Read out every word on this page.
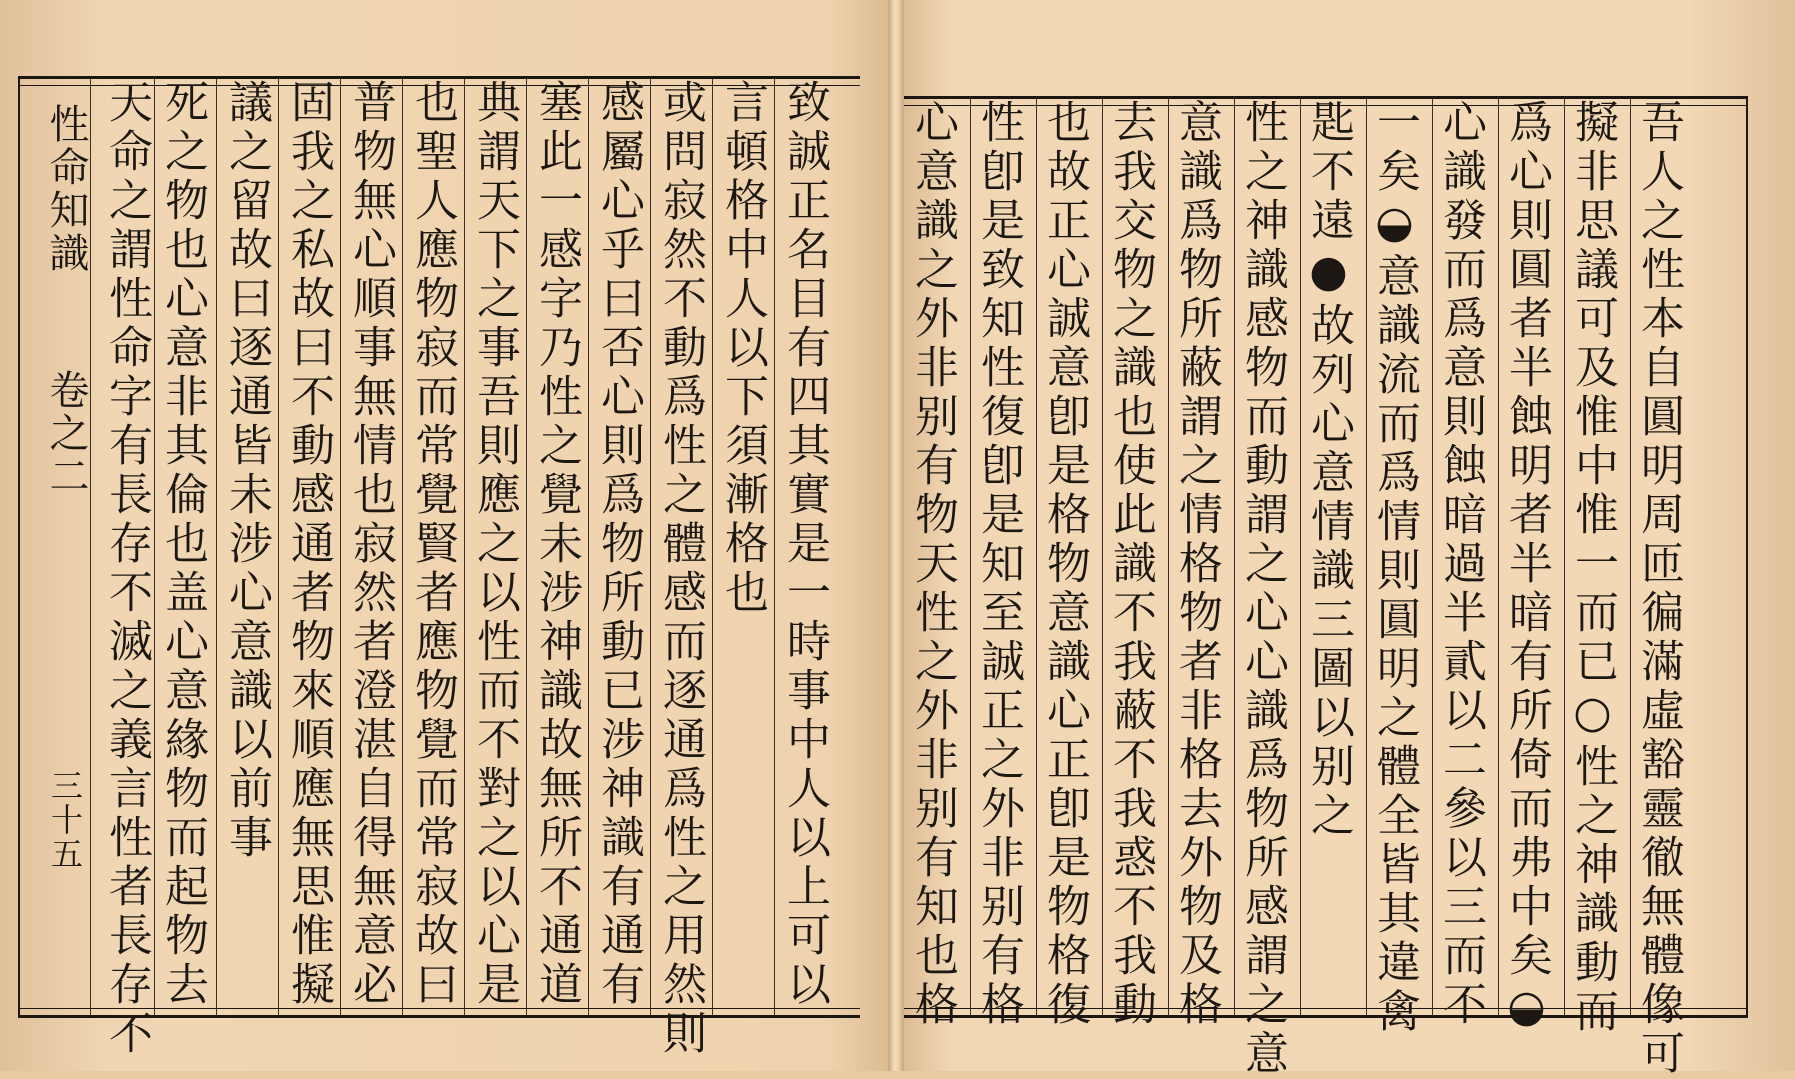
性命知識
卷之二
三十五 天命之謂性命字有長存不滅之義言性者長存不 死之物也心意非其倫也盖心意緣物而起物去 議之留故曰逐通皆未涉心意識以前事 固我之私故曰不動感通者物來順應無思惟擬 普物無心順事無情也寂然者澄湛自得無意必 也聖人應物寂而常覺賢者應物覺而常寂故曰 典謂天下之事吾則應之以性而不對之以心是 塞此一感字乃性之覺未涉神識故無所不通道 感屬心乎曰否心則爲物所動已涉神識有通有 或問寂然不動爲性之體感而逐通爲性之用然則 言頓格中人以下須漸格也 致誠正名目有四其實是一時事中人以上可以 心意識之外非别有物天性之外非别有知也格 性卽是致知性復卽是知至誠正之外非别有格 也故正心誠意卽是格物意識心正卽是物格復 去我交物之識也使此識不我蔽不我惑不我動 意識爲物所蔽謂之情格物者非格去外物及格 性之神識感物而動謂之心心識爲物所感謂之意 匙不遠●故列心意情識三圖以别之 一矣◒意識流而爲情則圓明之體全皆其違禽 心識發而爲意則蝕暗過半貳以二參以三而不 爲心則圓者半蝕明者半暗有所倚而弗中矣◒ 擬非思議可及惟中惟一而已○性之神識動而 吾人之性本自圓明周匝徧滿虛豁靈徹無體像可
